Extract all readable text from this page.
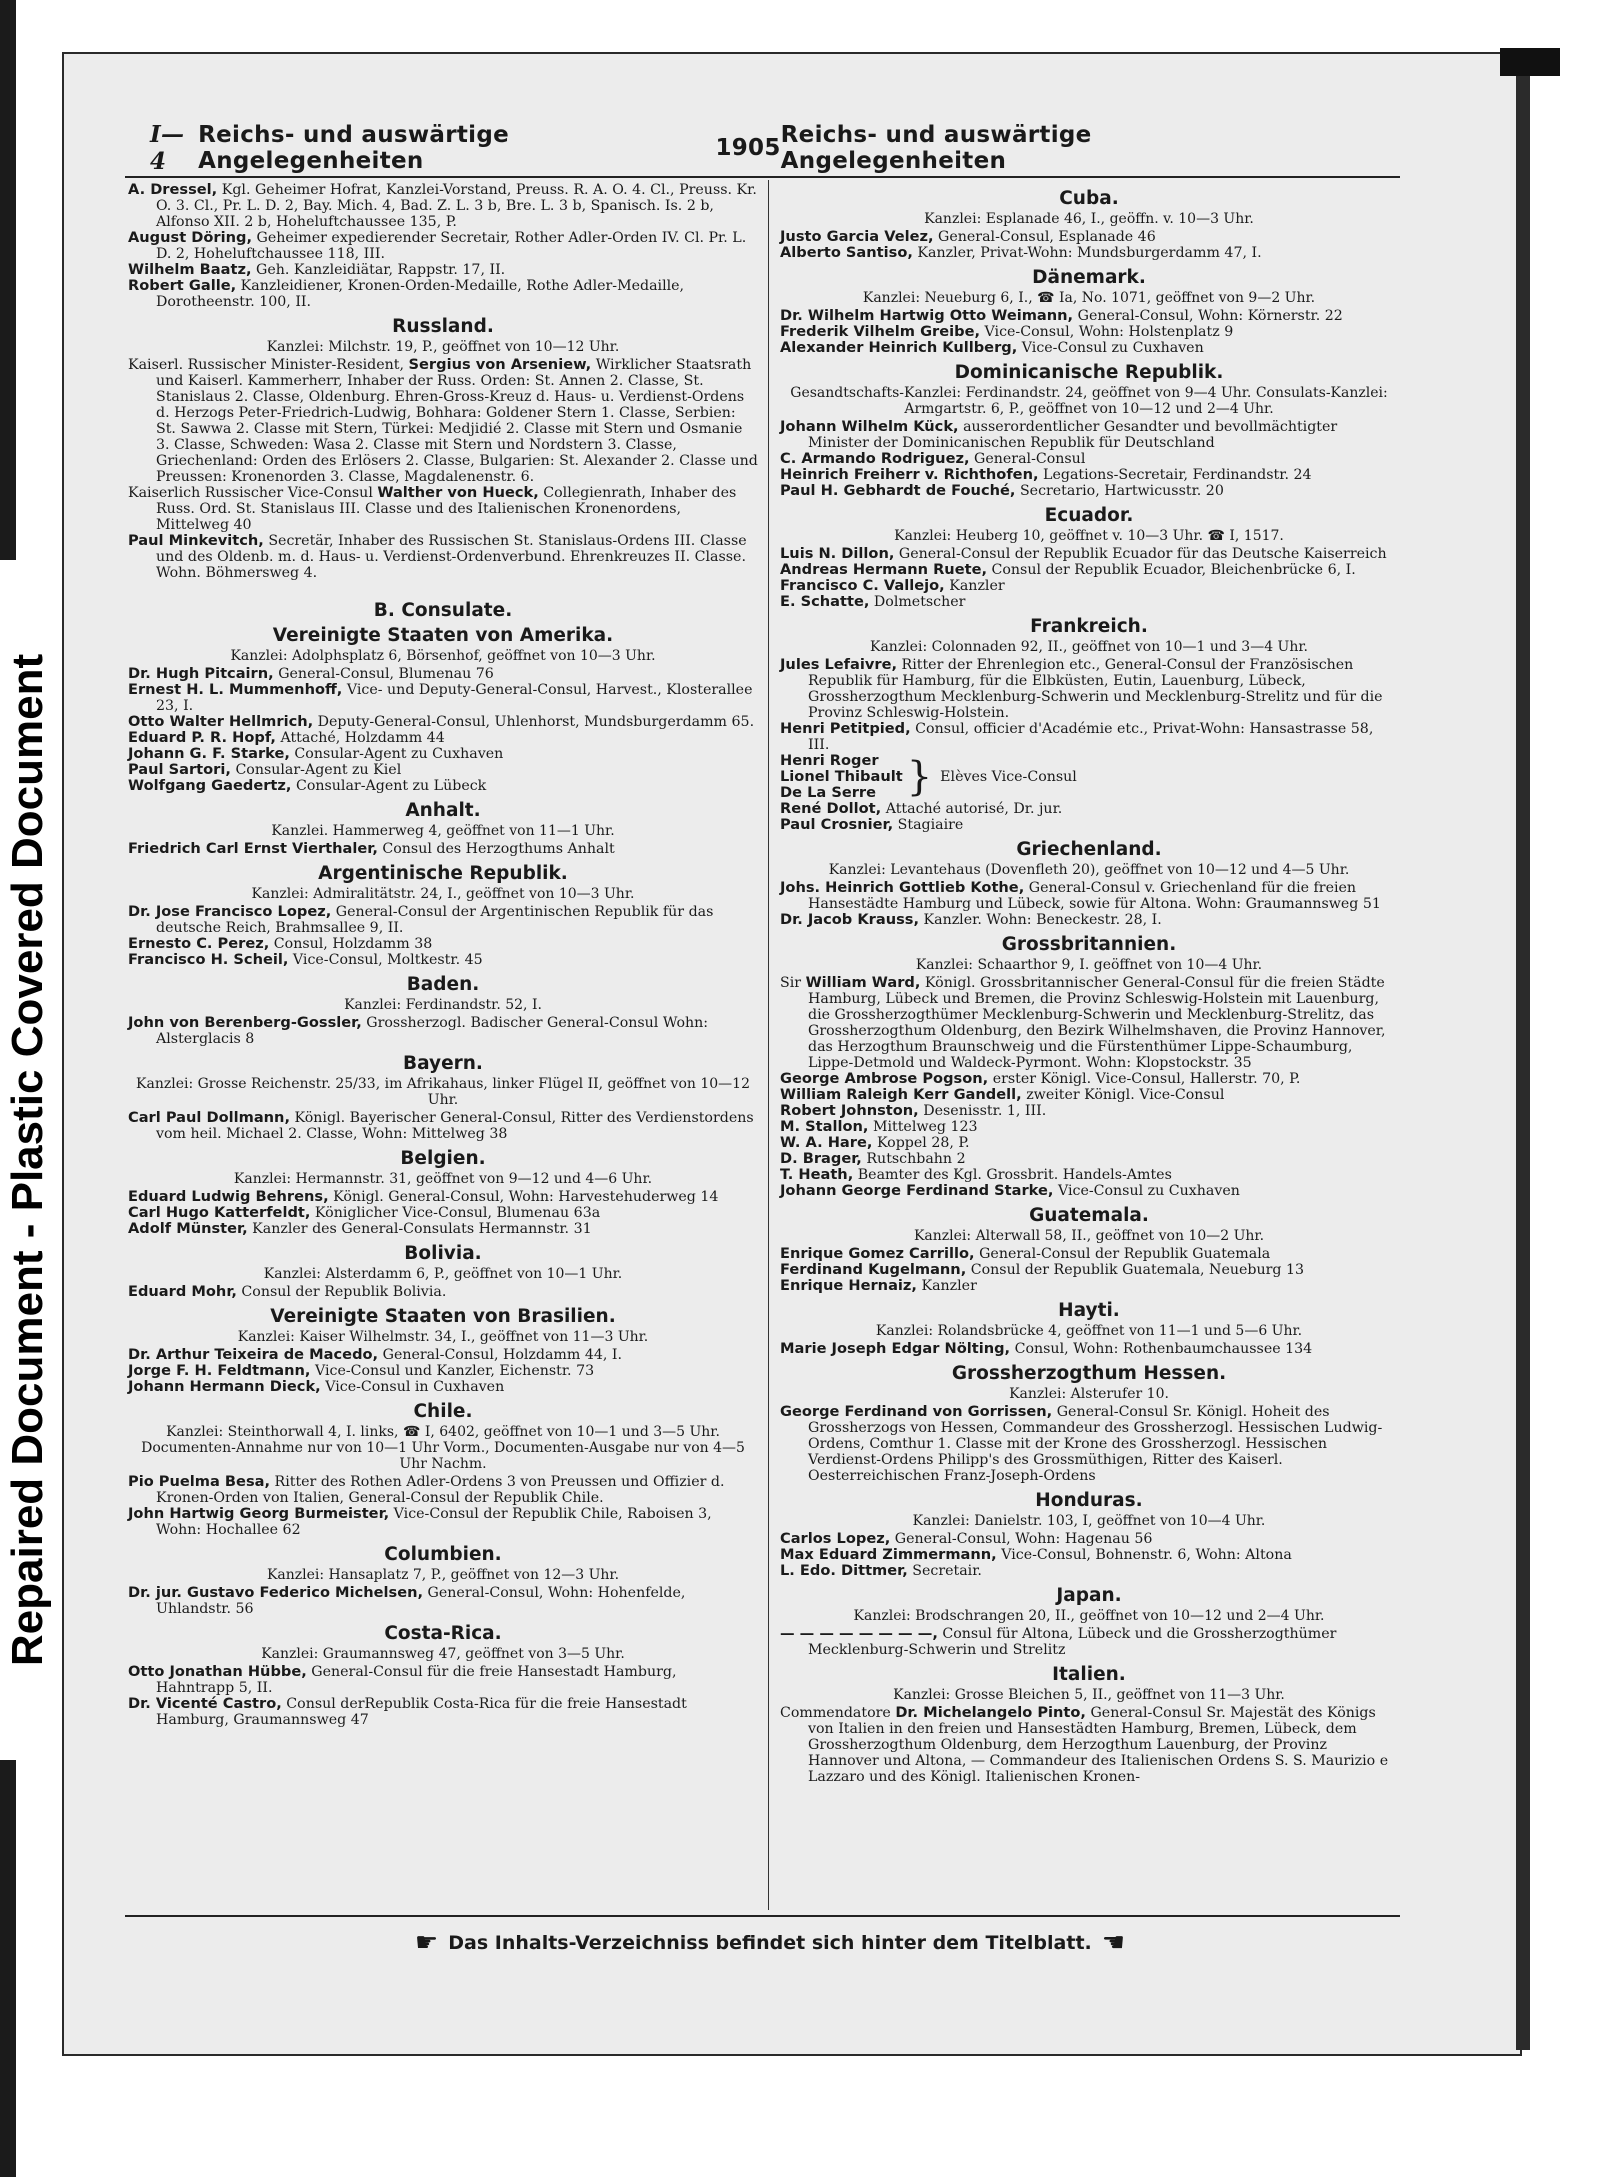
Repaired Document - Plastic Covered Document
I—4
Reichs- und auswärtige Angelegenheiten	1905 Reichs- und auswärtige Angelegenheiten

A. Dressel, Kgl. Geheimer Hofrat, Kanzlei-Vorstand, Preuss. R. A. O. 4. Cl., Preuss. Kr. O. 3. Cl., Pr. L. D. 2, Bay. Mich. 4, Bad. Z. L. 3 b, Bre. L. 3 b, Spanisch. Is. 2 b, Alfonso XII. 2 b, Hoheluftchaussee 135, P.

August Döring, Geheimer expedierender Secretair, Rother Adler-Orden IV. Cl. Pr. L. D. 2, Hoheluftchaussee 118, III.

Wilhelm Baatz, Geh. Kanzleidiätar, Rappstr. 17, II.

Robert Galle, Kanzleidiener, Kronen-Orden-Medaille, Rothe Adler-Medaille, Dorotheenstr. 100, II.

Russland.
Kanzlei: Milchstr. 19, P., geöffnet von 10—12 Uhr.

Kaiserl. Russischer Minister-Resident, Sergius von Arseniew, Wirklicher Staatsrath und Kaiserl. Kammerherr, Inhaber der Russ. Orden: St. Annen 2. Classe, St. Stanislaus 2. Classe, Oldenburg. Ehren-Gross-Kreuz d. Haus- u. Verdienst-Ordens d. Herzogs Peter-Friedrich-Ludwig, Bohhara: Goldener Stern 1. Classe, Serbien: St. Sawwa 2. Classe mit Stern, Türkei: Medjidié 2. Classe mit Stern und Osmanie 3. Classe, Schweden: Wasa 2. Classe mit Stern und Nordstern 3. Classe, Griechenland: Orden des Erlösers 2. Classe, Bulgarien: St. Alexander 2. Classe und Preussen: Kronenorden 3. Classe, Magdalenenstr. 6.

Kaiserlich Russischer Vice-Consul Walther von Hueck, Collegienrath, Inhaber des Russ. Ord. St. Stanislaus III. Classe und des Italienischen Kronenordens, Mittelweg 40

Paul Minkevitch, Secretär, Inhaber des Russischen St. Stanislaus-Ordens III. Classe und des Oldenb. m. d. Haus- u. Verdienst-Ordenverbund. Ehrenkreuzes II. Classe. Wohn. Böhmersweg 4.

B. Consulate.
Vereinigte Staaten von Amerika.
Kanzlei: Adolphsplatz 6, Börsenhof, geöffnet von 10—3 Uhr.

Dr. Hugh Pitcairn, General-Consul, Blumenau 76

Ernest H. L. Mummenhoff, Vice- und Deputy-General-Consul, Harvest., Klosterallee 23, I.

Otto Walter Hellmrich, Deputy-General-Consul, Uhlenhorst, Mundsburgerdamm 65.

Eduard P. R. Hopf, Attaché, Holzdamm 44

Johann G. F. Starke, Consular-Agent zu Cuxhaven

Paul Sartori, Consular-Agent zu Kiel

Wolfgang Gaedertz, Consular-Agent zu Lübeck

Anhalt.
Kanzlei. Hammerweg 4, geöffnet von 11—1 Uhr.

Friedrich Carl Ernst Vierthaler, Consul des Herzogthums Anhalt

Argentinische Republik.
Kanzlei: Admiralitätstr. 24, I., geöffnet von 10—3 Uhr.

Dr. Jose Francisco Lopez, General-Consul der Argentinischen Republik für das deutsche Reich, Brahmsallee 9, II.

Ernesto C. Perez, Consul, Holzdamm 38

Francisco H. Scheil, Vice-Consul, Moltkestr. 45

Baden.
Kanzlei: Ferdinandstr. 52, I.

John von Berenberg-Gossler, Grossherzogl. Badischer General-Consul Wohn: Alsterglacis 8

Bayern.
Kanzlei: Grosse Reichenstr. 25/33, im Afrikahaus, linker Flügel II, geöffnet von 10—12 Uhr.

Carl Paul Dollmann, Königl. Bayerischer General-Consul, Ritter des Verdienstordens vom heil. Michael 2. Classe, Wohn: Mittelweg 38

Belgien.
Kanzlei: Hermannstr. 31, geöffnet von 9—12 und 4—6 Uhr.

Eduard Ludwig Behrens, Königl. General-Consul, Wohn: Harvestehuderweg 14

Carl Hugo Katterfeldt, Königlicher Vice-Consul, Blumenau 63a

Adolf Münster, Kanzler des General-Consulats Hermannstr. 31

Bolivia.
Kanzlei: Alsterdamm 6, P., geöffnet von 10—1 Uhr.

Eduard Mohr, Consul der Republik Bolivia.

Vereinigte Staaten von Brasilien.
Kanzlei: Kaiser Wilhelmstr. 34, I., geöffnet von 11—3 Uhr.

Dr. Arthur Teixeira de Macedo, General-Consul, Holzdamm 44, I.

Jorge F. H. Feldtmann, Vice-Consul und Kanzler, Eichenstr. 73

Johann Hermann Dieck, Vice-Consul in Cuxhaven

Chile.
Kanzlei: Steinthorwall 4, I. links, ☎ I, 6402, geöffnet von 10—1 und 3—5 Uhr. Documenten-Annahme nur von 10—1 Uhr Vorm., Documenten-Ausgabe nur von 4—5 Uhr Nachm.

Pio Puelma Besa, Ritter des Rothen Adler-Ordens 3 von Preussen und Offizier d. Kronen-Orden von Italien, General-Consul der Republik Chile.

John Hartwig Georg Burmeister, Vice-Consul der Republik Chile, Raboisen 3, Wohn: Hochallee 62

Columbien.
Kanzlei: Hansaplatz 7, P., geöffnet von 12—3 Uhr.

Dr. jur. Gustavo Federico Michelsen, General-Consul, Wohn: Hohenfelde, Uhlandstr. 56

Costa-Rica.
Kanzlei: Graumannsweg 47, geöffnet von 3—5 Uhr.

Otto Jonathan Hübbe, General-Consul für die freie Hansestadt Hamburg, Hahntrapp 5, II.

Dr. Vicenté Castro, Consul derRepublik Costa-Rica für die freie Hansestadt Hamburg, Graumannsweg 47

Cuba.
Kanzlei: Esplanade 46, I., geöffn. v. 10—3 Uhr.

Justo Garcia Velez, General-Consul, Esplanade 46

Alberto Santiso, Kanzler, Privat-Wohn: Mundsburgerdamm 47, I.

Dänemark.
Kanzlei: Neueburg 6, I., ☎ Ia, No. 1071, geöffnet von 9—2 Uhr.

Dr. Wilhelm Hartwig Otto Weimann, General-Consul, Wohn: Körnerstr. 22

Frederik Vilhelm Greibe, Vice-Consul, Wohn: Holstenplatz 9

Alexander Heinrich Kullberg, Vice-Consul zu Cuxhaven

Dominicanische Republik.
Gesandtschafts-Kanzlei: Ferdinandstr. 24, geöffnet von 9—4 Uhr. Consulats-Kanzlei: Armgartstr. 6, P., geöffnet von 10—12 und 2—4 Uhr.

Johann Wilhelm Kück, ausserordentlicher Gesandter und bevollmächtigter Minister der Dominicanischen Republik für Deutschland

C. Armando Rodriguez, General-Consul

Heinrich Freiherr v. Richthofen, Legations-Secretair, Ferdinandstr. 24

Paul H. Gebhardt de Fouché, Secretario, Hartwicusstr. 20

Ecuador.
Kanzlei: Heuberg 10, geöffnet v. 10—3 Uhr. ☎ I, 1517.

Luis N. Dillon, General-Consul der Republik Ecuador für das Deutsche Kaiserreich

Andreas Hermann Ruete, Consul der Republik Ecuador, Bleichenbrücke 6, I.

Francisco C. Vallejo, Kanzler

E. Schatte, Dolmetscher

Frankreich.
Kanzlei: Colonnaden 92, II., geöffnet von 10—1 und 3—4 Uhr.

Jules Lefaivre, Ritter der Ehrenlegion etc., General-Consul der Französischen Republik für Hamburg, für die Elbküsten, Eutin, Lauenburg, Lübeck, Grossherzogthum Mecklenburg-Schwerin und Mecklenburg-Strelitz und für die Provinz Schleswig-Holstein.

Henri Petitpied, Consul, officier d'Académie etc., Privat-Wohn: Hansastrasse 58, III.

Henri Roger
Lionel Thibault
De La Serre } Elèves Vice-Consul

René Dollot, Attaché autorisé, Dr. jur.

Paul Crosnier, Stagiaire

Griechenland.
Kanzlei: Levantehaus (Dovenfleth 20), geöffnet von 10—12 und 4—5 Uhr.

Johs. Heinrich Gottlieb Kothe, General-Consul v. Griechenland für die freien Hansestädte Hamburg und Lübeck, sowie für Altona. Wohn: Graumannsweg 51

Dr. Jacob Krauss, Kanzler. Wohn: Beneckestr. 28, I.

Grossbritannien.
Kanzlei: Schaarthor 9, I. geöffnet von 10—4 Uhr.

Sir William Ward, Königl. Grossbritannischer General-Consul für die freien Städte Hamburg, Lübeck und Bremen, die Provinz Schleswig-Holstein mit Lauenburg, die Grossherzogthümer Mecklenburg-Schwerin und Mecklenburg-Strelitz, das Grossherzogthum Oldenburg, den Bezirk Wilhelmshaven, die Provinz Hannover, das Herzogthum Braunschweig und die Fürstenthümer Lippe-Schaumburg, Lippe-Detmold und Waldeck-Pyrmont. Wohn: Klopstockstr. 35

George Ambrose Pogson, erster Königl. Vice-Consul, Hallerstr. 70, P.

William Raleigh Kerr Gandell, zweiter Königl. Vice-Consul

Robert Johnston, Desenisstr. 1, III.

M. Stallon, Mittelweg 123

W. A. Hare, Koppel 28, P.

D. Brager, Rutschbahn 2

T. Heath, Beamter des Kgl. Grossbrit. Handels-Amtes

Johann George Ferdinand Starke, Vice-Consul zu Cuxhaven

Guatemala.
Kanzlei: Alterwall 58, II., geöffnet von 10—2 Uhr.

Enrique Gomez Carrillo, General-Consul der Republik Guatemala

Ferdinand Kugelmann, Consul der Republik Guatemala, Neueburg 13

Enrique Hernaiz, Kanzler

Hayti.
Kanzlei: Rolandsbrücke 4, geöffnet von 11—1 und 5—6 Uhr.

Marie Joseph Edgar Nölting, Consul, Wohn: Rothenbaumchaussee 134

Grossherzogthum Hessen.
Kanzlei: Alsterufer 10.

George Ferdinand von Gorrissen, General-Consul Sr. Königl. Hoheit des Grossherzogs von Hessen, Commandeur des Grossherzogl. Hessischen Ludwig-Ordens, Comthur 1. Classe mit der Krone des Grossherzogl. Hessischen Verdienst-Ordens Philipp's des Grossmüthigen, Ritter des Kaiserl. Oesterreichischen Franz-Joseph-Ordens

Honduras.
Kanzlei: Danielstr. 103, I, geöffnet von 10—4 Uhr.

Carlos Lopez, General-Consul, Wohn: Hagenau 56

Max Eduard Zimmermann, Vice-Consul, Bohnenstr. 6, Wohn: Altona

L. Edo. Dittmer, Secretair.

Japan.
Kanzlei: Brodschrangen 20, II., geöffnet von 10—12 und 2—4 Uhr.

— — — — — — — —, Consul für Altona, Lübeck und die Grossherzogthümer Mecklenburg-Schwerin und Strelitz

Italien.
Kanzlei: Grosse Bleichen 5, II., geöffnet von 11—3 Uhr.

Commendatore Dr. Michelangelo Pinto, General-Consul Sr. Majestät des Königs von Italien in den freien und Hansestädten Hamburg, Bremen, Lübeck, dem Grossherzogthum Oldenburg, dem Herzogthum Lauenburg, der Provinz Hannover und Altona, — Commandeur des Italienischen Ordens S. S. Maurizio e Lazzaro und des Königl. Italienischen Kronen-

☛ Das Inhalts-Verzeichniss befindet sich hinter dem Titelblatt. ☚
